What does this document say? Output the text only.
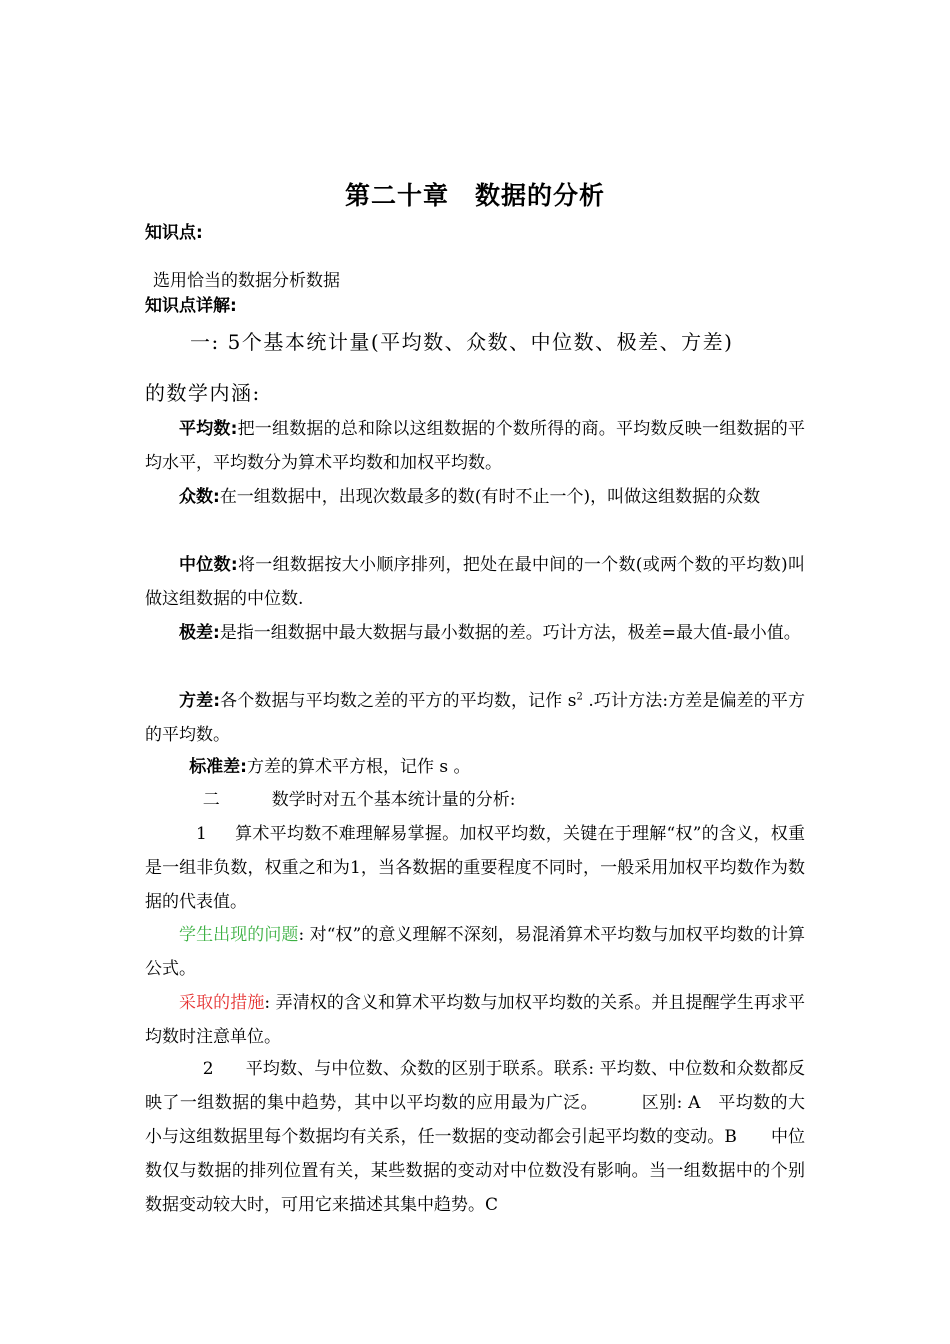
第二十章　数据的分析
知识点:
选用恰当的数据分析数据
知识点详解:
一: 5个基本统计量(平均数、众数、中位数、极差、方差)
的数学内涵:
平均数:把一组数据的总和除以这组数据的个数所得的商。平均数反映一组数据的平均水平，平均数分为算术平均数和加权平均数。
众数:在一组数据中，出现次数最多的数(有时不止一个)，叫做这组数据的众数
中位数:将一组数据按大小顺序排列，把处在最中间的一个数(或两个数的平均数)叫做这组数据的中位数.
极差:是指一组数据中最大数据与最小数据的差。巧计方法，极差=最大值-最小值。
方差:各个数据与平均数之差的平方的平均数，记作 $s^2$ .巧计方法:方差是偏差的平方的平均数。
标准差:方差的算术平方根，记作 s 。
二	数学时对五个基本统计量的分析:
1 算术平均数不难理解易掌握。加权平均数，关键在于理解“权”的含义，权重是一组非负数，权重之和为1，当各数据的重要程度不同时，一般采用加权平均数作为数据的代表值。
学生出现的问题: 对“权”的意义理解不深刻，易混淆算术平均数与加权平均数的计算公式。
采取的措施: 弄清权的含义和算术平均数与加权平均数的关系。并且提醒学生再求平均数时注意单位。
2 平均数、与中位数、众数的区别于联系。联系: 平均数、中位数和众数都反映了一组数据的集中趋势，其中以平均数的应用最为广泛。　　　区别: A　平均数的大小与这组数据里每个数据均有关系，任一数据的变动都会引起平均数的变动。B　　中位数仅与数据的排列位置有关，某些数据的变动对中位数没有影响。当一组数据中的个别数据变动较大时，可用它来描述其集中趋势。C
